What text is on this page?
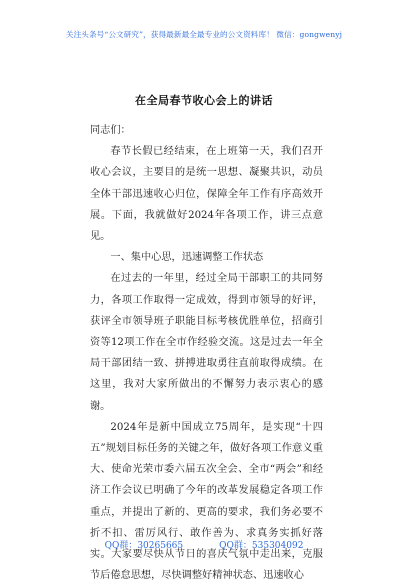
关注头条号“公文研究”，获得最新最全最专业的公文资料库！ 微信：gongwenyj
在全局春节收心会上的讲话

同志们：

春节长假已经结束，在上班第一天，我们召开收心会议，主要目的是统一思想、凝聚共识，动员全体干部迅速收心归位，保障全年工作有序高效开展。下面，我就做好2024年各项工作，讲三点意见。

一、集中心思，迅速调整工作状态

在过去的一年里，经过全局干部职工的共同努力，各项工作取得一定成效，得到市领导的好评，获评全市领导班子职能目标考核优胜单位，招商引资等12项工作在全市作经验交流。这是过去一年全局干部团结一致、拼搏进取勇往直前取得成绩。在这里，我对大家所做出的不懈努力表示衷心的感谢。

2024年是新中国成立75周年，是实现“十四五”规划目标任务的关键之年，做好各项工作意义重大、使命光荣市委六届五次全会、全市“两会”和经济工作会议已明确了今年的改革发展稳定各项工作重点，并提出了新的、更高的要求，我们务必要不折不扣、雷厉风行、敢作善为、求真务实抓好落实。大家要尽快从节日的喜庆气氛中走出来，克服节后倦怠思想，尽快调整好精神状态、迅速收心

QQ群：30265665	QQ群：535304092
